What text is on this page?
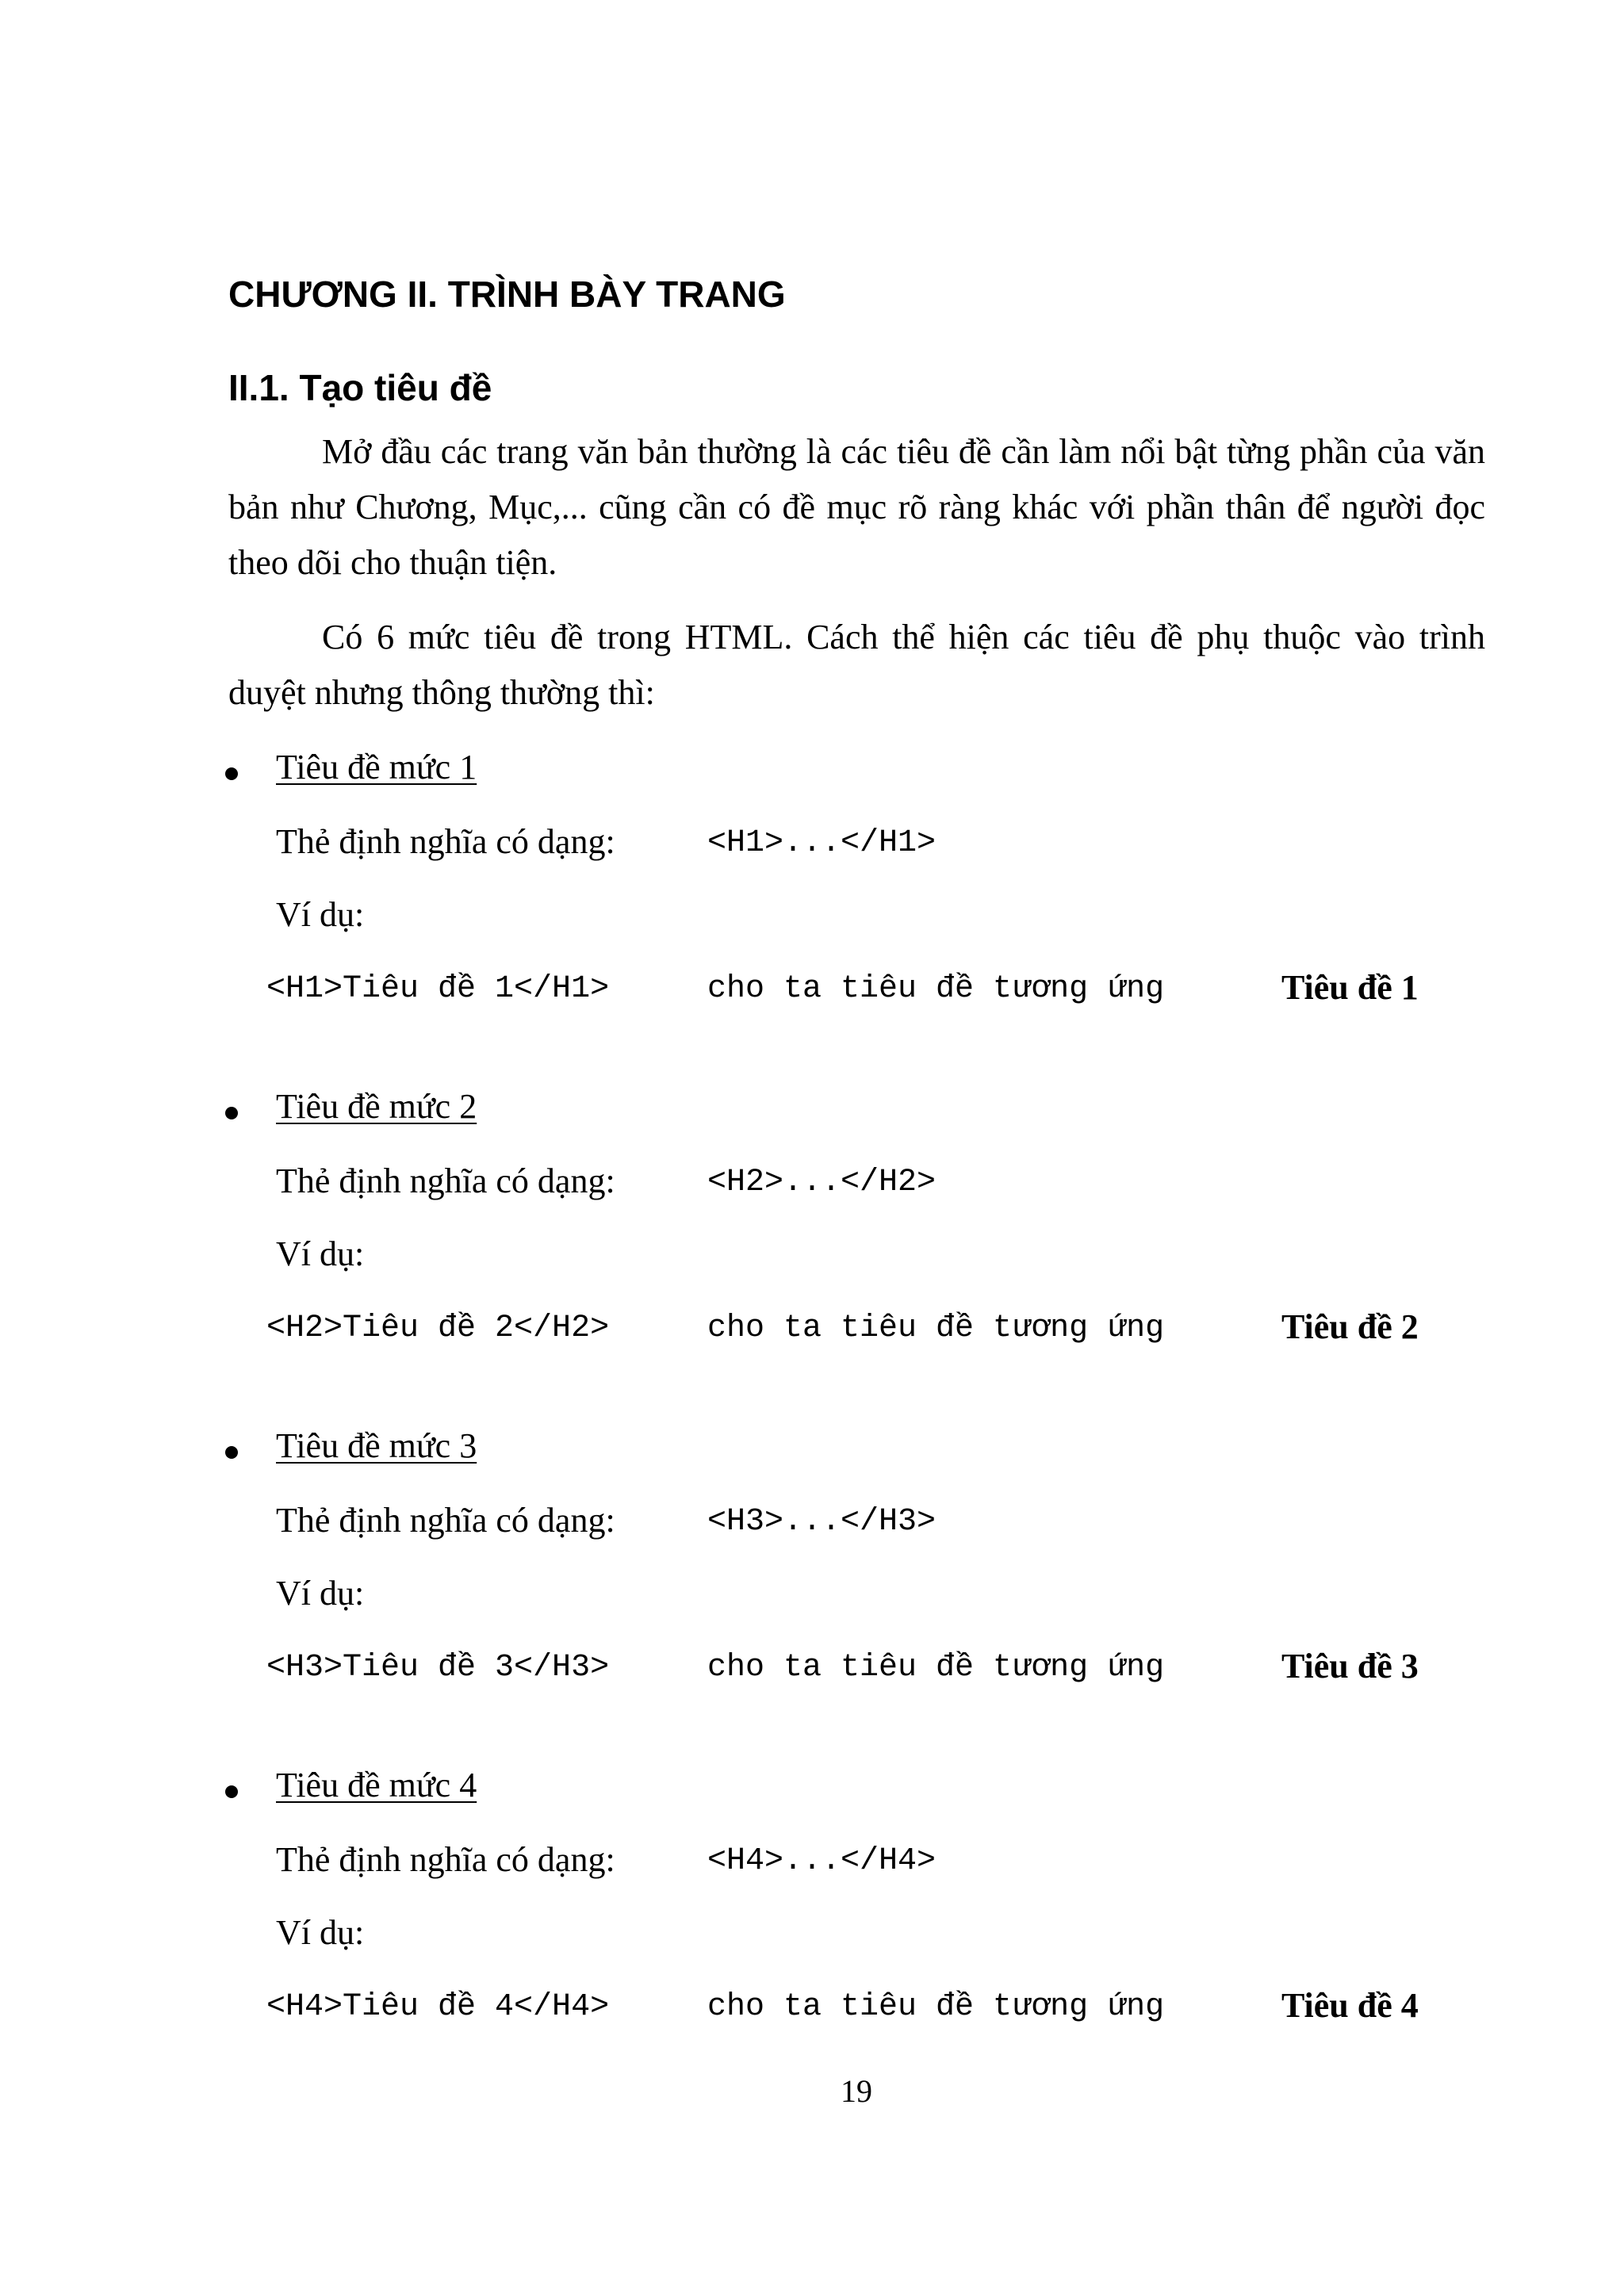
CHƯƠNG II. TRÌNH BÀY TRANG
II.1. Tạo tiêu đề

Mở đầu các trang văn bản thường là các tiêu đề cần làm nổi bật từng phần của văn bản như Chương, Mục,... cũng cần có đề mục rõ ràng khác với phần thân để người đọc theo dõi cho thuận tiện.

Có 6 mức tiêu đề trong HTML. Cách thể hiện các tiêu đề phụ thuộc vào trình duyệt nhưng thông thường thì:

Tiêu đề mức 1
Thẻ định nghĩa có dạng:	<H1>...</H1>
Ví dụ:
<H1>Tiêu đề 1</H1>	cho ta tiêu đề tương ứng	Tiêu đề 1
Tiêu đề mức 2
Thẻ định nghĩa có dạng:	<H2>...</H2>
Ví dụ:
<H2>Tiêu đề 2</H2>	cho ta tiêu đề tương ứng	Tiêu đề 2
Tiêu đề mức 3
Thẻ định nghĩa có dạng:	<H3>...</H3>
Ví dụ:
<H3>Tiêu đề 3</H3>	cho ta tiêu đề tương ứng	Tiêu đề 3
Tiêu đề mức 4
Thẻ định nghĩa có dạng:	<H4>...</H4>
Ví dụ:
<H4>Tiêu đề 4</H4>	cho ta tiêu đề tương ứng	Tiêu đề 4
19
